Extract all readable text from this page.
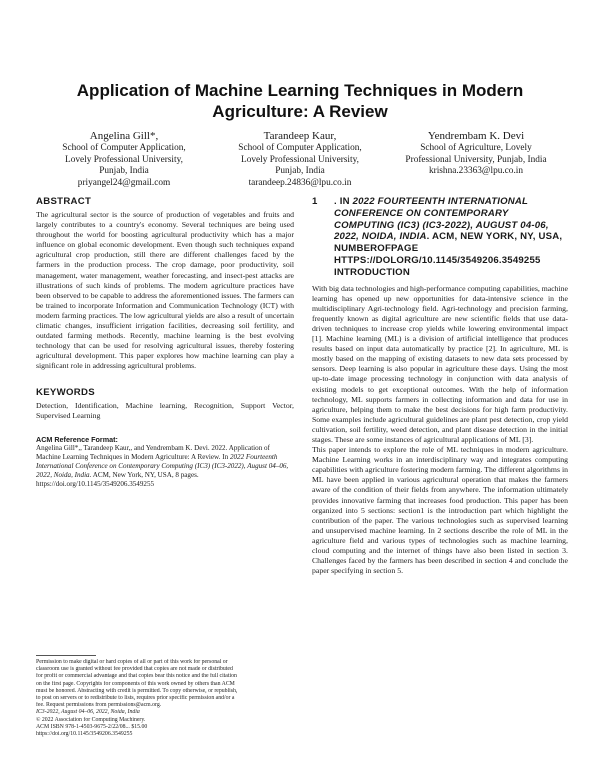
Application of Machine Learning Techniques in Modern Agriculture: A Review
Angelina Gill*,
School of Computer Application,
Lovely Professional University,
Punjab, India
priyangel24@gmail.com
Tarandeep Kaur,
School of Computer Application,
Lovely Professional University,
Punjab, India
tarandeep.24836@lpu.co.in
Yendrembam K. Devi
School of Agriculture, Lovely
Professional University, Punjab, India
krishna.23363@lpu.co.in
ABSTRACT

The agricultural sector is the source of production of vegetables and fruits and largely contributes to a country's economy. Several techniques are being used throughout the world for boosting agricultural productivity which has a major influence on global economic development. Even though such techniques expand agricultural crop production, still there are different challenges faced by the farmers in the production process. The crop damage, poor productivity, soil management, water management, weather forecasting, and insect-pest attacks are illustrations of such kinds of problems. The modern agriculture practices have been observed to be capable to address the aforementioned issues. The farmers can be trained to incorporate Information and Communication Technology (ICT) with modern farming practices. The low agricultural yields are also a result of uncertain climatic changes, insufficient irrigation facilities, decreasing soil fertility, and outdated farming methods. Recently, machine learning is the best evolving technology that can be used for resolving agricultural issues, thereby fostering agricultural development. This paper explores how machine learning can play a significant role in addressing agricultural problems.

KEYWORDS

Detection, Identification, Machine learning, Recognition, Support Vector, Supervised Learning

ACM Reference Format:
Angelina Gill*,, Tarandeep Kaur,, and Yendrembam K. Devi. 2022. Application of Machine Learning Techniques in Modern Agriculture: A Review. In 2022 Fourteenth International Conference on Contemporary Computing (IC3) (IC3-2022), August 04–06, 2022, Noida, India. ACM, New York, NY, USA, 8 pages. https://doi.org/10.1145/3549206.3549255
Permission to make digital or hard copies of all or part of this work for personal or
classroom use is granted without fee provided that copies are not made or distributed
for profit or commercial advantage and that copies bear this notice and the full citation
on the first page. Copyrights for components of this work owned by others than ACM
must be honored. Abstracting with credit is permitted. To copy otherwise, or republish,
to post on servers or to redistribute to lists, requires prior specific permission and/or a
fee. Request permissions from permissions@acm.org.
IC3-2022, August 04–06, 2022, Noida, India
© 2022 Association for Computing Machinery.
ACM ISBN 978-1-4503-9675-2/22/08... $15.00
https://doi.org/10.1145/3549206.3549255
1 . IN 2022 FOURTEENTH INTERNATIONAL CONFERENCE ON CONTEMPORARY COMPUTING (IC3) (IC3-2022), AUGUST 04-06, 2022, NOIDA, INDIA. ACM, NEW YORK, NY, USA, NUMBEROFPAGE HTTPS://DOLORG/10.1145/3549206.3549255 INTRODUCTION

With big data technologies and high-performance computing capabilities, machine learning has opened up new opportunities for data-intensive science in the multidisciplinary Agri-technology field. Agri-technology and precision farming, frequently known as digital agriculture are new scientific fields that use data-driven techniques to increase crop yields while lowering environmental impact [1]. Machine learning (ML) is a division of artificial intelligence that produces results based on input data automatically by practice [2]. In agriculture, ML is mostly based on the mapping of existing datasets to new data sets processed by sensors. Deep learning is also popular in agriculture these days. Using the most up-to-date image processing technology in conjunction with data analysis of existing models to get exceptional outcomes. With the help of information technology, ML supports farmers in collecting information and data for use in agriculture, helping them to make the best decisions for high farm productivity. Some examples include agricultural guidelines are plant pest detection, crop yield cultivation, soil fertility, weed detection, and plant disease detection in the initial stages. These are some instances of agricultural applications of ML [3].

This paper intends to explore the role of ML techniques in modern agriculture. Machine Learning works in an interdisciplinary way and integrates computing capabilities with agriculture fostering modern farming. The different algorithms in ML have been applied in various agricultural operation that makes the farmers aware of the condition of their fields from anywhere. The information ultimately provides innovative farming that increases food production. This paper has been organized into 5 sections: section1 is the introduction part which highlight the contribution of the paper. The various technologies such as supervised learning and unsupervised machine learning. In 2 sections describe the role of ML in the agriculture field and various types of technologies such as machine learning, cloud computing and the internet of things have also been listed in section 3. Challenges faced by the farmers has been described in section 4 and conclude the paper specifying in section 5.
